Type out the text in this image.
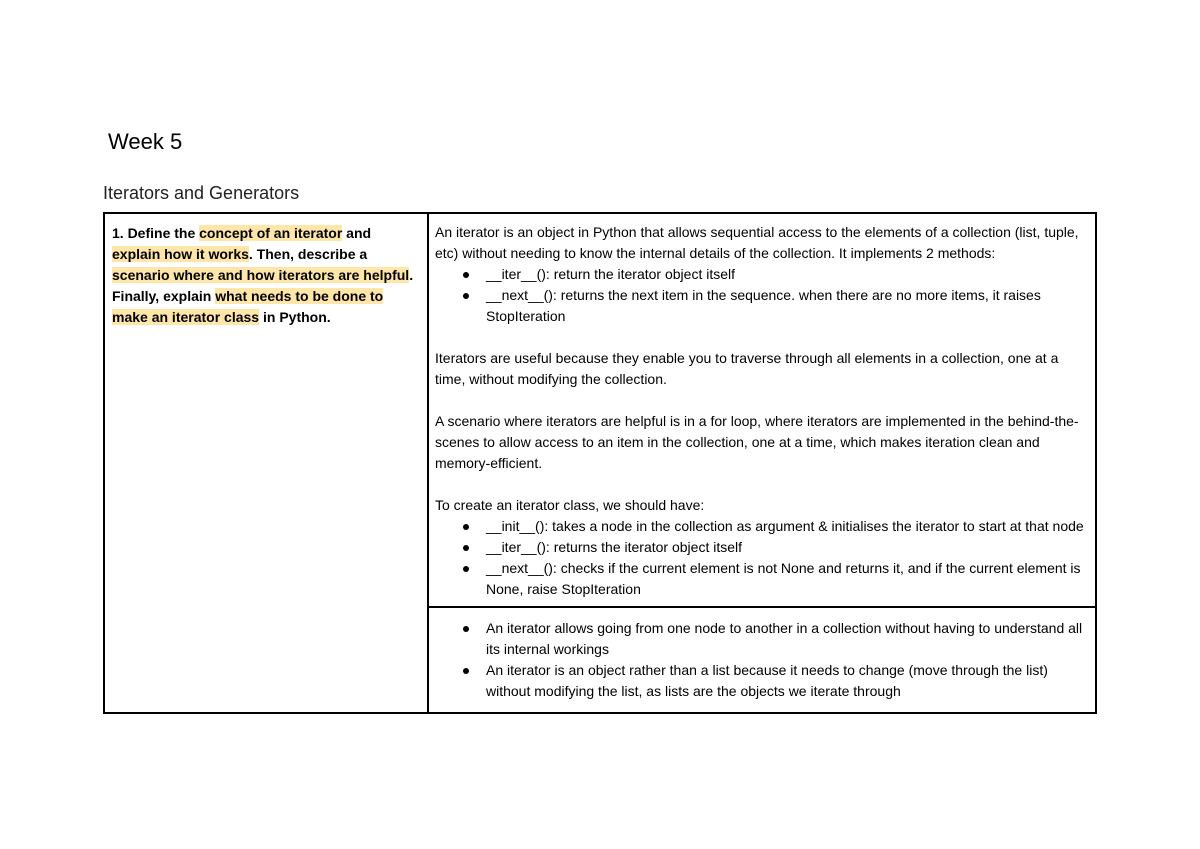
Week 5
Iterators and Generators
1. Define the concept of an iterator and explain how it works. Then, describe a scenario where and how iterators are helpful. Finally, explain what needs to be done to make an iterator class in Python.	

An iterator is an object in Python that allows sequential access to the elements of a collection (list, tuple, etc) without needing to know the internal details of the collection. It implements 2 methods:

__iter__(): return the iterator object itself
__next__(): returns the next item in the sequence. when there are no more items, it raises StopIteration

Iterators are useful because they enable you to traverse through all elements in a collection, one at a time, without modifying the collection.

A scenario where iterators are helpful is in a for loop, where iterators are implemented in the behind-the-scenes to allow access to an item in the collection, one at a time, which makes iteration clean and memory-efficient.

To create an iterator class, we should have:

__init__(): takes a node in the collection as argument & initialises the iterator to start at that node
__iter__(): returns the iterator object itself
__next__(): checks if the current element is not None and returns it, and if the current element is None, raise StopIteration

An iterator allows going from one node to another in a collection without having to understand all its internal workings
An iterator is an object rather than a list because it needs to change (move through the list) without modifying the list, as lists are the objects we iterate through
